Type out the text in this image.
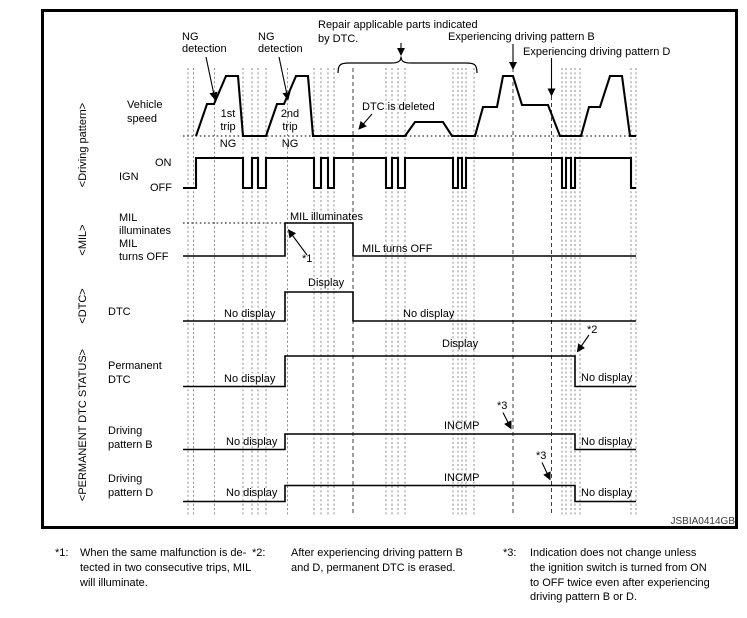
<Driving pattern>
<MIL>
<DTC>
<PERMANENT DTC STATUS>
Vehicle
speed
ON
IGN
OFF
MIL
illuminates
MIL
turns OFF
DTC
Permanent
DTC
Driving
pattern B
Driving
pattern D
NG
detection
NG
detection
Repair applicable parts indicated
by DTC.	Experiencing driving pattern B
Experiencing driving pattern D
1st
trip
NG
2nd
trip
NG
DTC is deleted
MIL illuminates
*1
MIL turns OFF
Display
No display	No display
Display
*2
No display	No display
INCMP
*3
No display	No display
INCMP
*3
No display	No display
JSBIA0414GB
*1: When the same malfunction is de-
tected in two consecutive trips, MIL
will illuminate.
*2: After experiencing driving pattern B
and D, permanent DTC is erased.
*3: Indication does not change unless
the ignition switch is turned from ON
to OFF twice even after experiencing
driving pattern B or D.
